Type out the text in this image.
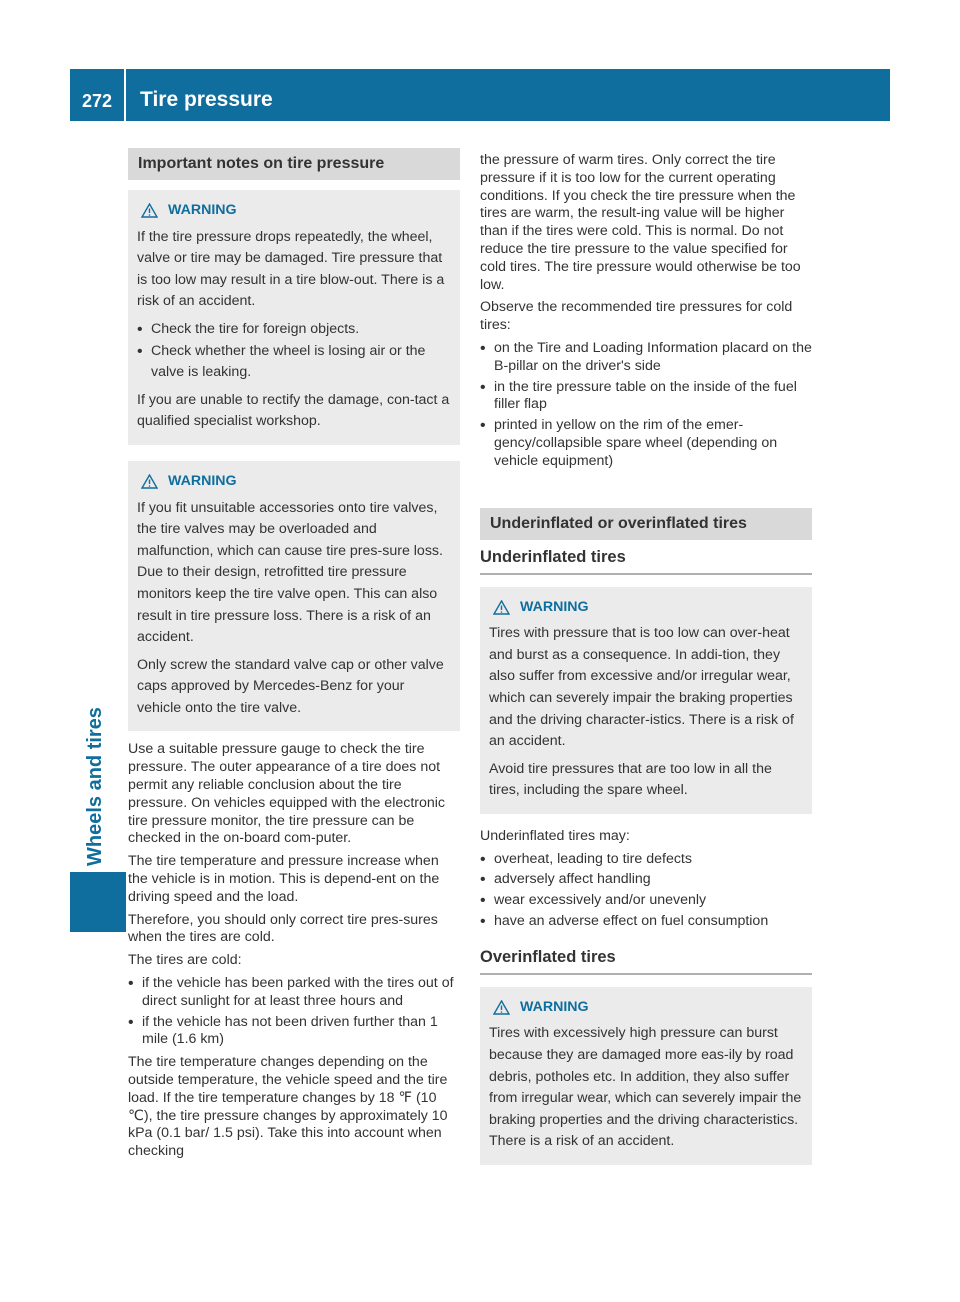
272	Tire pressure
Wheels and tires
Important notes on tire pressure
WARNING

If the tire pressure drops repeatedly, the wheel, valve or tire may be damaged. Tire pressure that is too low may result in a tire blow-out. There is a risk of an accident.

• Check the tire for foreign objects.
• Check whether the wheel is losing air or the valve is leaking.

If you are unable to rectify the damage, con-tact a qualified specialist workshop.

WARNING

If you fit unsuitable accessories onto tire valves, the tire valves may be overloaded and malfunction, which can cause tire pres-sure loss. Due to their design, retrofitted tire pressure monitors keep the tire valve open. This can also result in tire pressure loss. There is a risk of an accident.

Only screw the standard valve cap or other valve caps approved by Mercedes-Benz for your vehicle onto the tire valve.

Use a suitable pressure gauge to check the tire pressure. The outer appearance of a tire does not permit any reliable conclusion about the tire pressure. On vehicles equipped with the electronic tire pressure monitor, the tire pressure can be checked in the on-board com-puter.

The tire temperature and pressure increase when the vehicle is in motion. This is depend-ent on the driving speed and the load.

Therefore, you should only correct tire pres-sures when the tires are cold.

The tires are cold:

• if the vehicle has been parked with the tires out of direct sunlight for at least three hours and
• if the vehicle has not been driven further than 1 mile (1.6 km)

The tire temperature changes depending on the outside temperature, the vehicle speed and the tire load. If the tire temperature changes by 18 ℉ (10 ℃), the tire pressure changes by approximately 10 kPa (0.1 bar/ 1.5 psi). Take this into account when checking

the pressure of warm tires. Only correct the tire pressure if it is too low for the current operating conditions. If you check the tire pressure when the tires are warm, the result-ing value will be higher than if the tires were cold. This is normal. Do not reduce the tire pressure to the value specified for cold tires. The tire pressure would otherwise be too low.

Observe the recommended tire pressures for cold tires:

• on the Tire and Loading Information placard on the B-pillar on the driver's side
• in the tire pressure table on the inside of the fuel filler flap
• printed in yellow on the rim of the emer-gency/collapsible spare wheel (depending on vehicle equipment)
Underinflated or overinflated tires
Underinflated tires
WARNING

Tires with pressure that is too low can over-heat and burst as a consequence. In addi-tion, they also suffer from excessive and/or irregular wear, which can severely impair the braking properties and the driving character-istics. There is a risk of an accident.

Avoid tire pressures that are too low in all the tires, including the spare wheel.

Underinflated tires may:

• overheat, leading to tire defects
• adversely affect handling
• wear excessively and/or unevenly
• have an adverse effect on fuel consumption
Overinflated tires
WARNING

Tires with excessively high pressure can burst because they are damaged more eas-ily by road debris, potholes etc. In addition, they also suffer from irregular wear, which can severely impair the braking properties and the driving characteristics. There is a risk of an accident.
